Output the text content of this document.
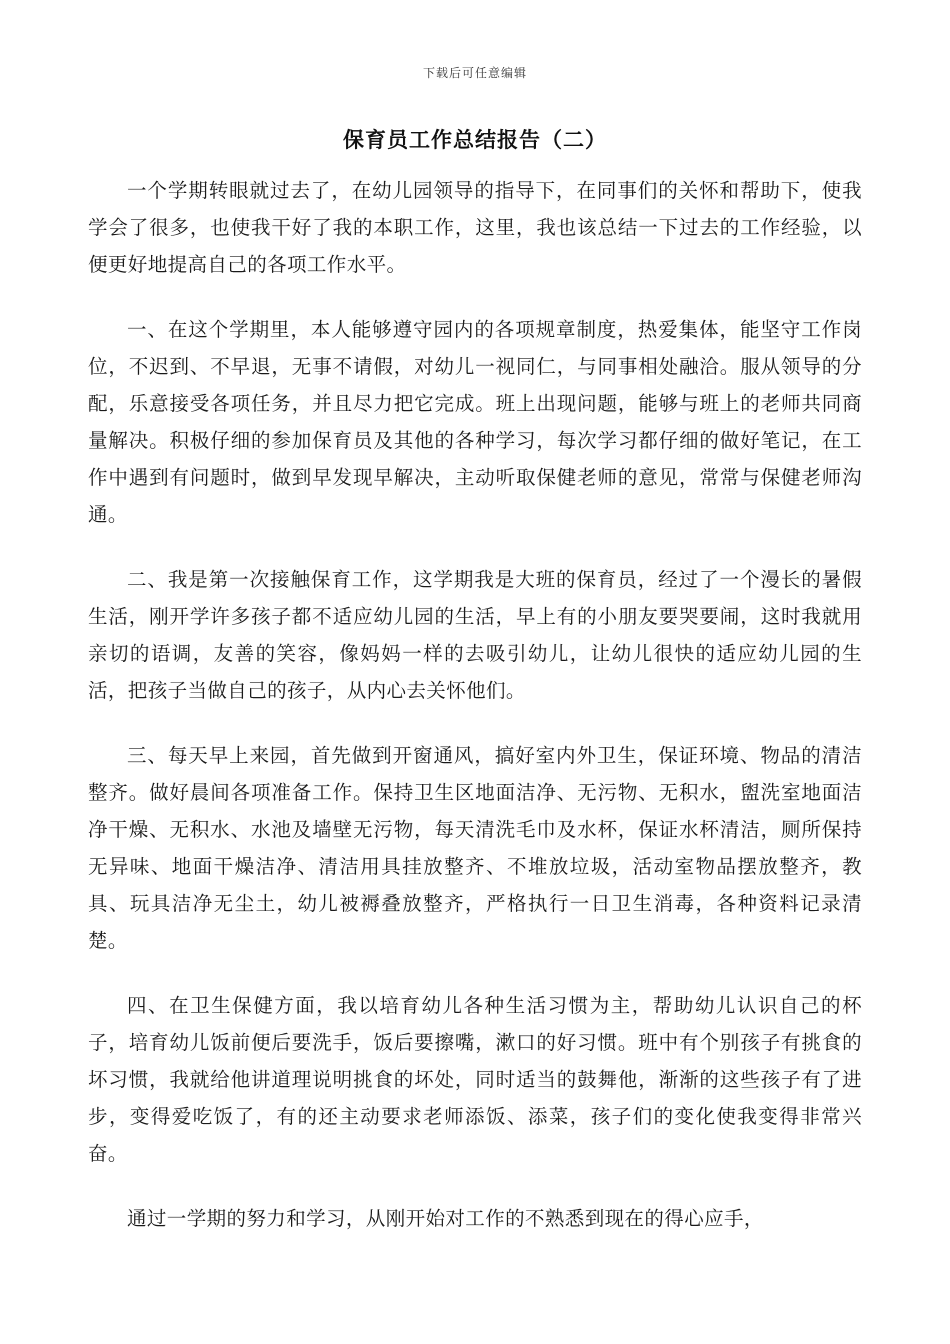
下载后可任意编辑
保育员工作总结报告（二）

一个学期转眼就过去了，在幼儿园领导的指导下，在同事们的关怀和帮助下，使我学会了很多，也使我干好了我的本职工作，这里，我也该总结一下过去的工作经验，以便更好地提高自己的各项工作水平。

一、在这个学期里，本人能够遵守园内的各项规章制度，热爱集体，能坚守工作岗位，不迟到、不早退，无事不请假，对幼儿一视同仁，与同事相处融洽。服从领导的分配，乐意接受各项任务，并且尽力把它完成。班上出现问题，能够与班上的老师共同商量解决。积极仔细的参加保育员及其他的各种学习，每次学习都仔细的做好笔记，在工作中遇到有问题时，做到早发现早解决，主动听取保健老师的意见，常常与保健老师沟通。

二、我是第一次接触保育工作，这学期我是大班的保育员，经过了一个漫长的暑假生活，刚开学许多孩子都不适应幼儿园的生活，早上有的小朋友要哭要闹，这时我就用亲切的语调，友善的笑容，像妈妈一样的去吸引幼儿，让幼儿很快的适应幼儿园的生活，把孩子当做自己的孩子，从内心去关怀他们。

三、每天早上来园，首先做到开窗通风，搞好室内外卫生，保证环境、物品的清洁整齐。做好晨间各项准备工作。保持卫生区地面洁净、无污物、无积水，盥洗室地面洁净干燥、无积水、水池及墙壁无污物，每天清洗毛巾及水杯，保证水杯清洁，厕所保持无异味、地面干燥洁净、清洁用具挂放整齐、不堆放垃圾，活动室物品摆放整齐，教具、玩具洁净无尘土，幼儿被褥叠放整齐，严格执行一日卫生消毒，各种资料记录清楚。

四、在卫生保健方面，我以培育幼儿各种生活习惯为主，帮助幼儿认识自己的杯子，培育幼儿饭前便后要洗手，饭后要擦嘴，漱口的好习惯。班中有个别孩子有挑食的坏习惯，我就给他讲道理说明挑食的坏处，同时适当的鼓舞他，渐渐的这些孩子有了进步，变得爱吃饭了，有的还主动要求老师添饭、添菜，孩子们的变化使我变得非常兴奋。

通过一学期的努力和学习，从刚开始对工作的不熟悉到现在的得心应手，
